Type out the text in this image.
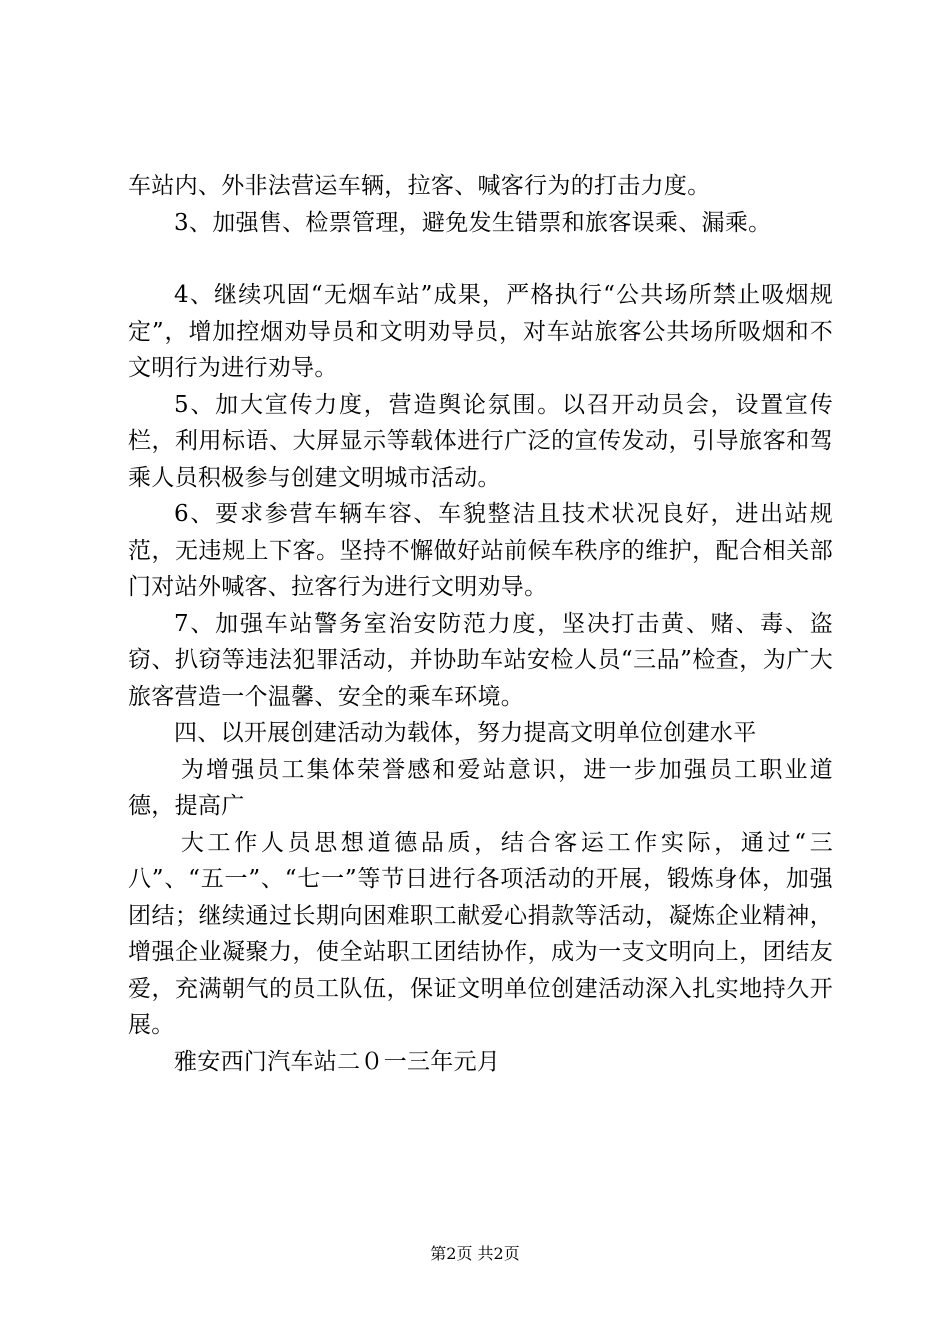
车站内、外非法营运车辆，拉客、喊客行为的打击力度。

3、加强售、检票管理，避免发生错票和旅客误乘、漏乘。

4、继续巩固“无烟车站”成果，严格执行“公共场所禁止吸烟规定”，增加控烟劝导员和文明劝导员，对车站旅客公共场所吸烟和不文明行为进行劝导。

5、加大宣传力度，营造舆论氛围。以召开动员会，设置宣传栏，利用标语、大屏显示等载体进行广泛的宣传发动，引导旅客和驾乘人员积极参与创建文明城市活动。

6、要求参营车辆车容、车貌整洁且技术状况良好，进出站规范，无违规上下客。坚持不懈做好站前候车秩序的维护，配合相关部门对站外喊客、拉客行为进行文明劝导。

7、加强车站警务室治安防范力度，坚决打击黄、赌、毒、盗窃、扒窃等违法犯罪活动，并协助车站安检人员“三品”检查，为广大旅客营造一个温馨、安全的乘车环境。

四、以开展创建活动为载体，努力提高文明单位创建水平

为增强员工集体荣誉感和爱站意识，进一步加强员工职业道德，提高广

大工作人员思想道德品质，结合客运工作实际，通过“三八”、“五一”、“七一”等节日进行各项活动的开展，锻炼身体，加强团结；继续通过长期向困难职工献爱心捐款等活动，凝炼企业精神，增强企业凝聚力，使全站职工团结协作，成为一支文明向上，团结友爱，充满朝气的员工队伍，保证文明单位创建活动深入扎实地持久开展。

雅安西门汽车站二０一三年元月

第2页 共2页
